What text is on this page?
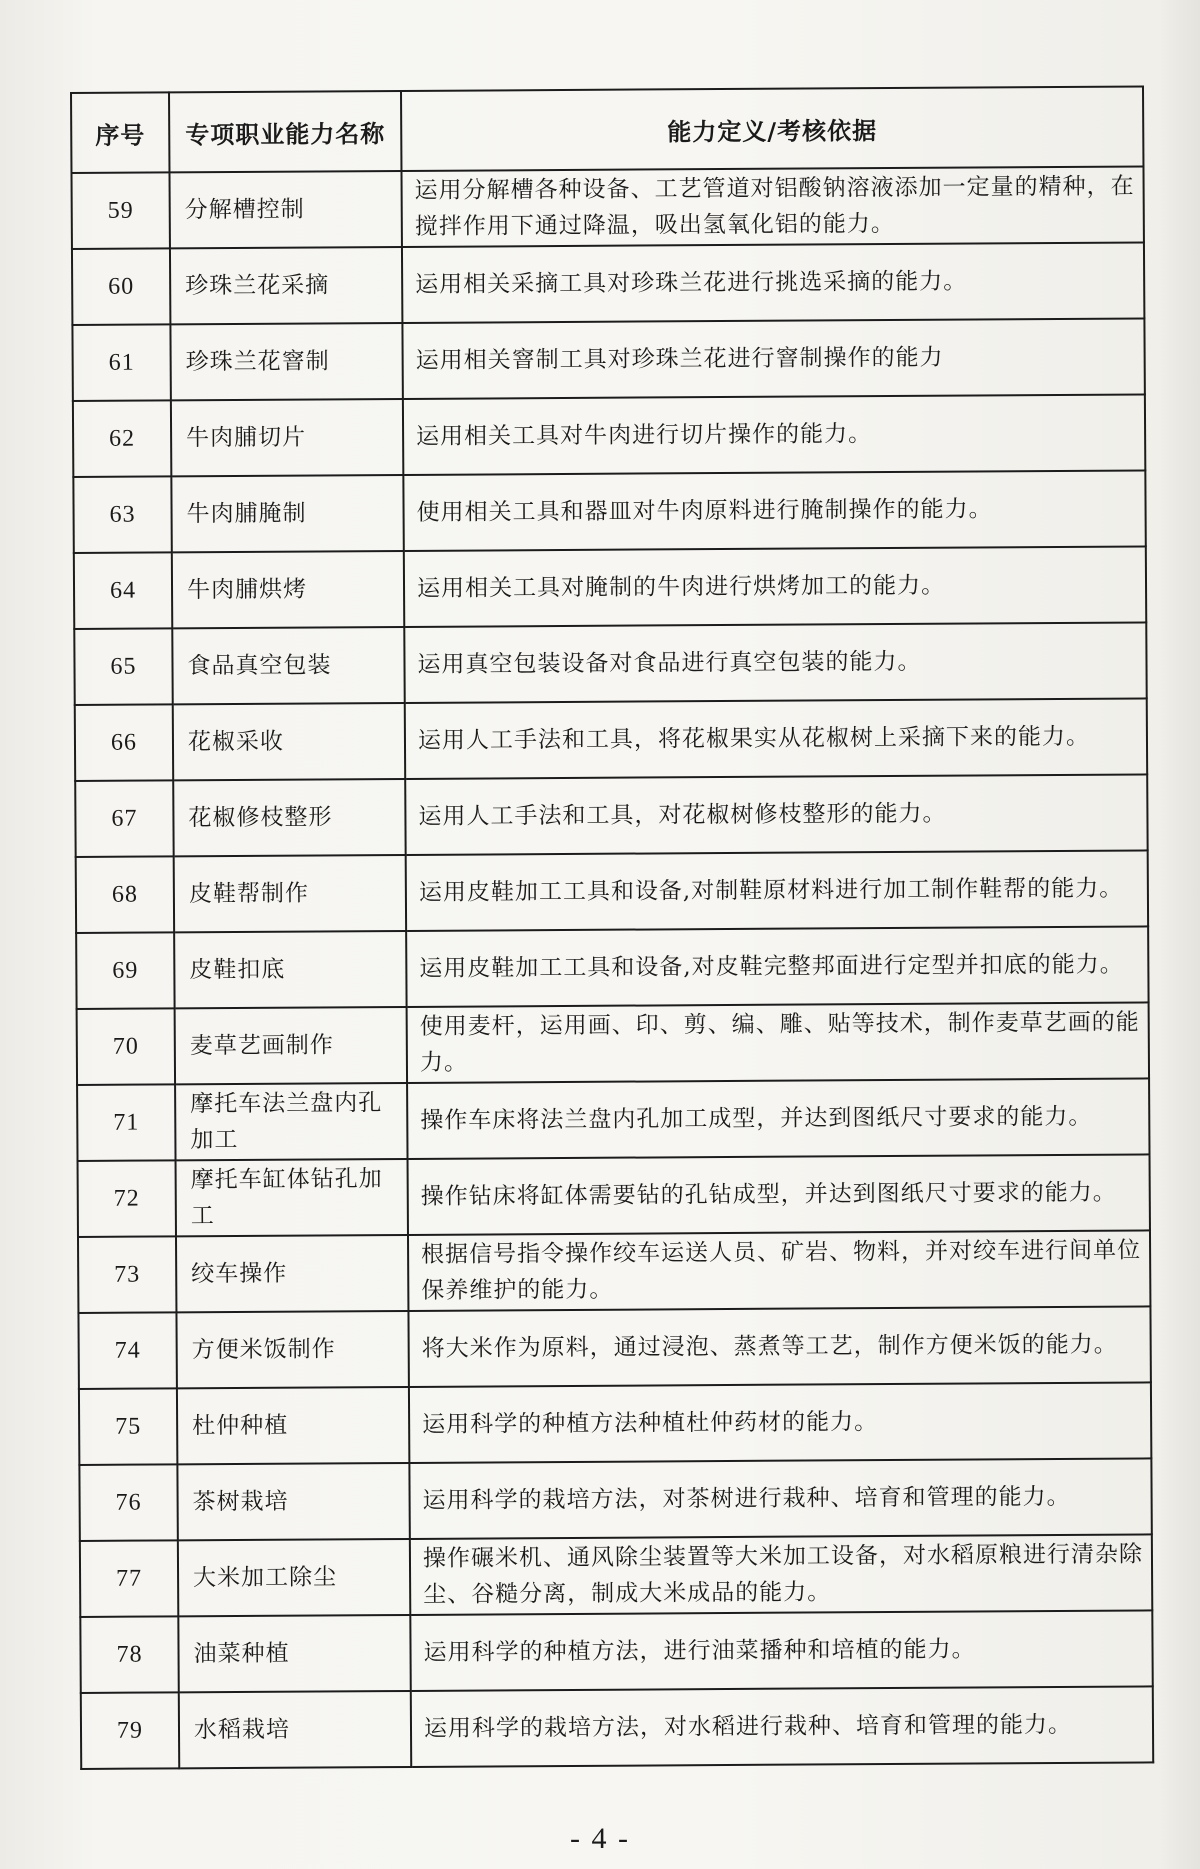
序号	专项职业能力名称	能力定义/考核依据
59	分解槽控制	运用分解槽各种设备、工艺管道对铝酸钠溶液添加一定量的精种，在搅拌作用下通过降温，吸出氢氧化铝的能力。
60	珍珠兰花采摘	运用相关采摘工具对珍珠兰花进行挑选采摘的能力。
61	珍珠兰花窨制	运用相关窨制工具对珍珠兰花进行窨制操作的能力
62	牛肉脯切片	运用相关工具对牛肉进行切片操作的能力。
63	牛肉脯腌制	使用相关工具和器皿对牛肉原料进行腌制操作的能力。
64	牛肉脯烘烤	运用相关工具对腌制的牛肉进行烘烤加工的能力。
65	食品真空包装	运用真空包装设备对食品进行真空包装的能力。
66	花椒采收	运用人工手法和工具，将花椒果实从花椒树上采摘下来的能力。
67	花椒修枝整形	运用人工手法和工具，对花椒树修枝整形的能力。
68	皮鞋帮制作	运用皮鞋加工工具和设备,对制鞋原材料进行加工制作鞋帮的能力。
69	皮鞋扣底	运用皮鞋加工工具和设备,对皮鞋完整邦面进行定型并扣底的能力。
70	麦草艺画制作	使用麦杆，运用画、印、剪、编、雕、贴等技术，制作麦草艺画的能力。
71	摩托车法兰盘内孔加工	操作车床将法兰盘内孔加工成型，并达到图纸尺寸要求的能力。
72	摩托车缸体钻孔加工	操作钻床将缸体需要钻的孔钻成型，并达到图纸尺寸要求的能力。
73	绞车操作	根据信号指令操作绞车运送人员、矿岩、物料，并对绞车进行间单位保养维护的能力。
74	方便米饭制作	将大米作为原料，通过浸泡、蒸煮等工艺，制作方便米饭的能力。
75	杜仲种植	运用科学的种植方法种植杜仲药材的能力。
76	茶树栽培	运用科学的栽培方法，对茶树进行栽种、培育和管理的能力。
77	大米加工除尘	操作碾米机、通风除尘装置等大米加工设备，对水稻原粮进行清杂除尘、谷糙分离，制成大米成品的能力。
78	油菜种植	运用科学的种植方法，进行油菜播种和培植的能力。
79	水稻栽培	运用科学的栽培方法，对水稻进行栽种、培育和管理的能力。
- 4 -
